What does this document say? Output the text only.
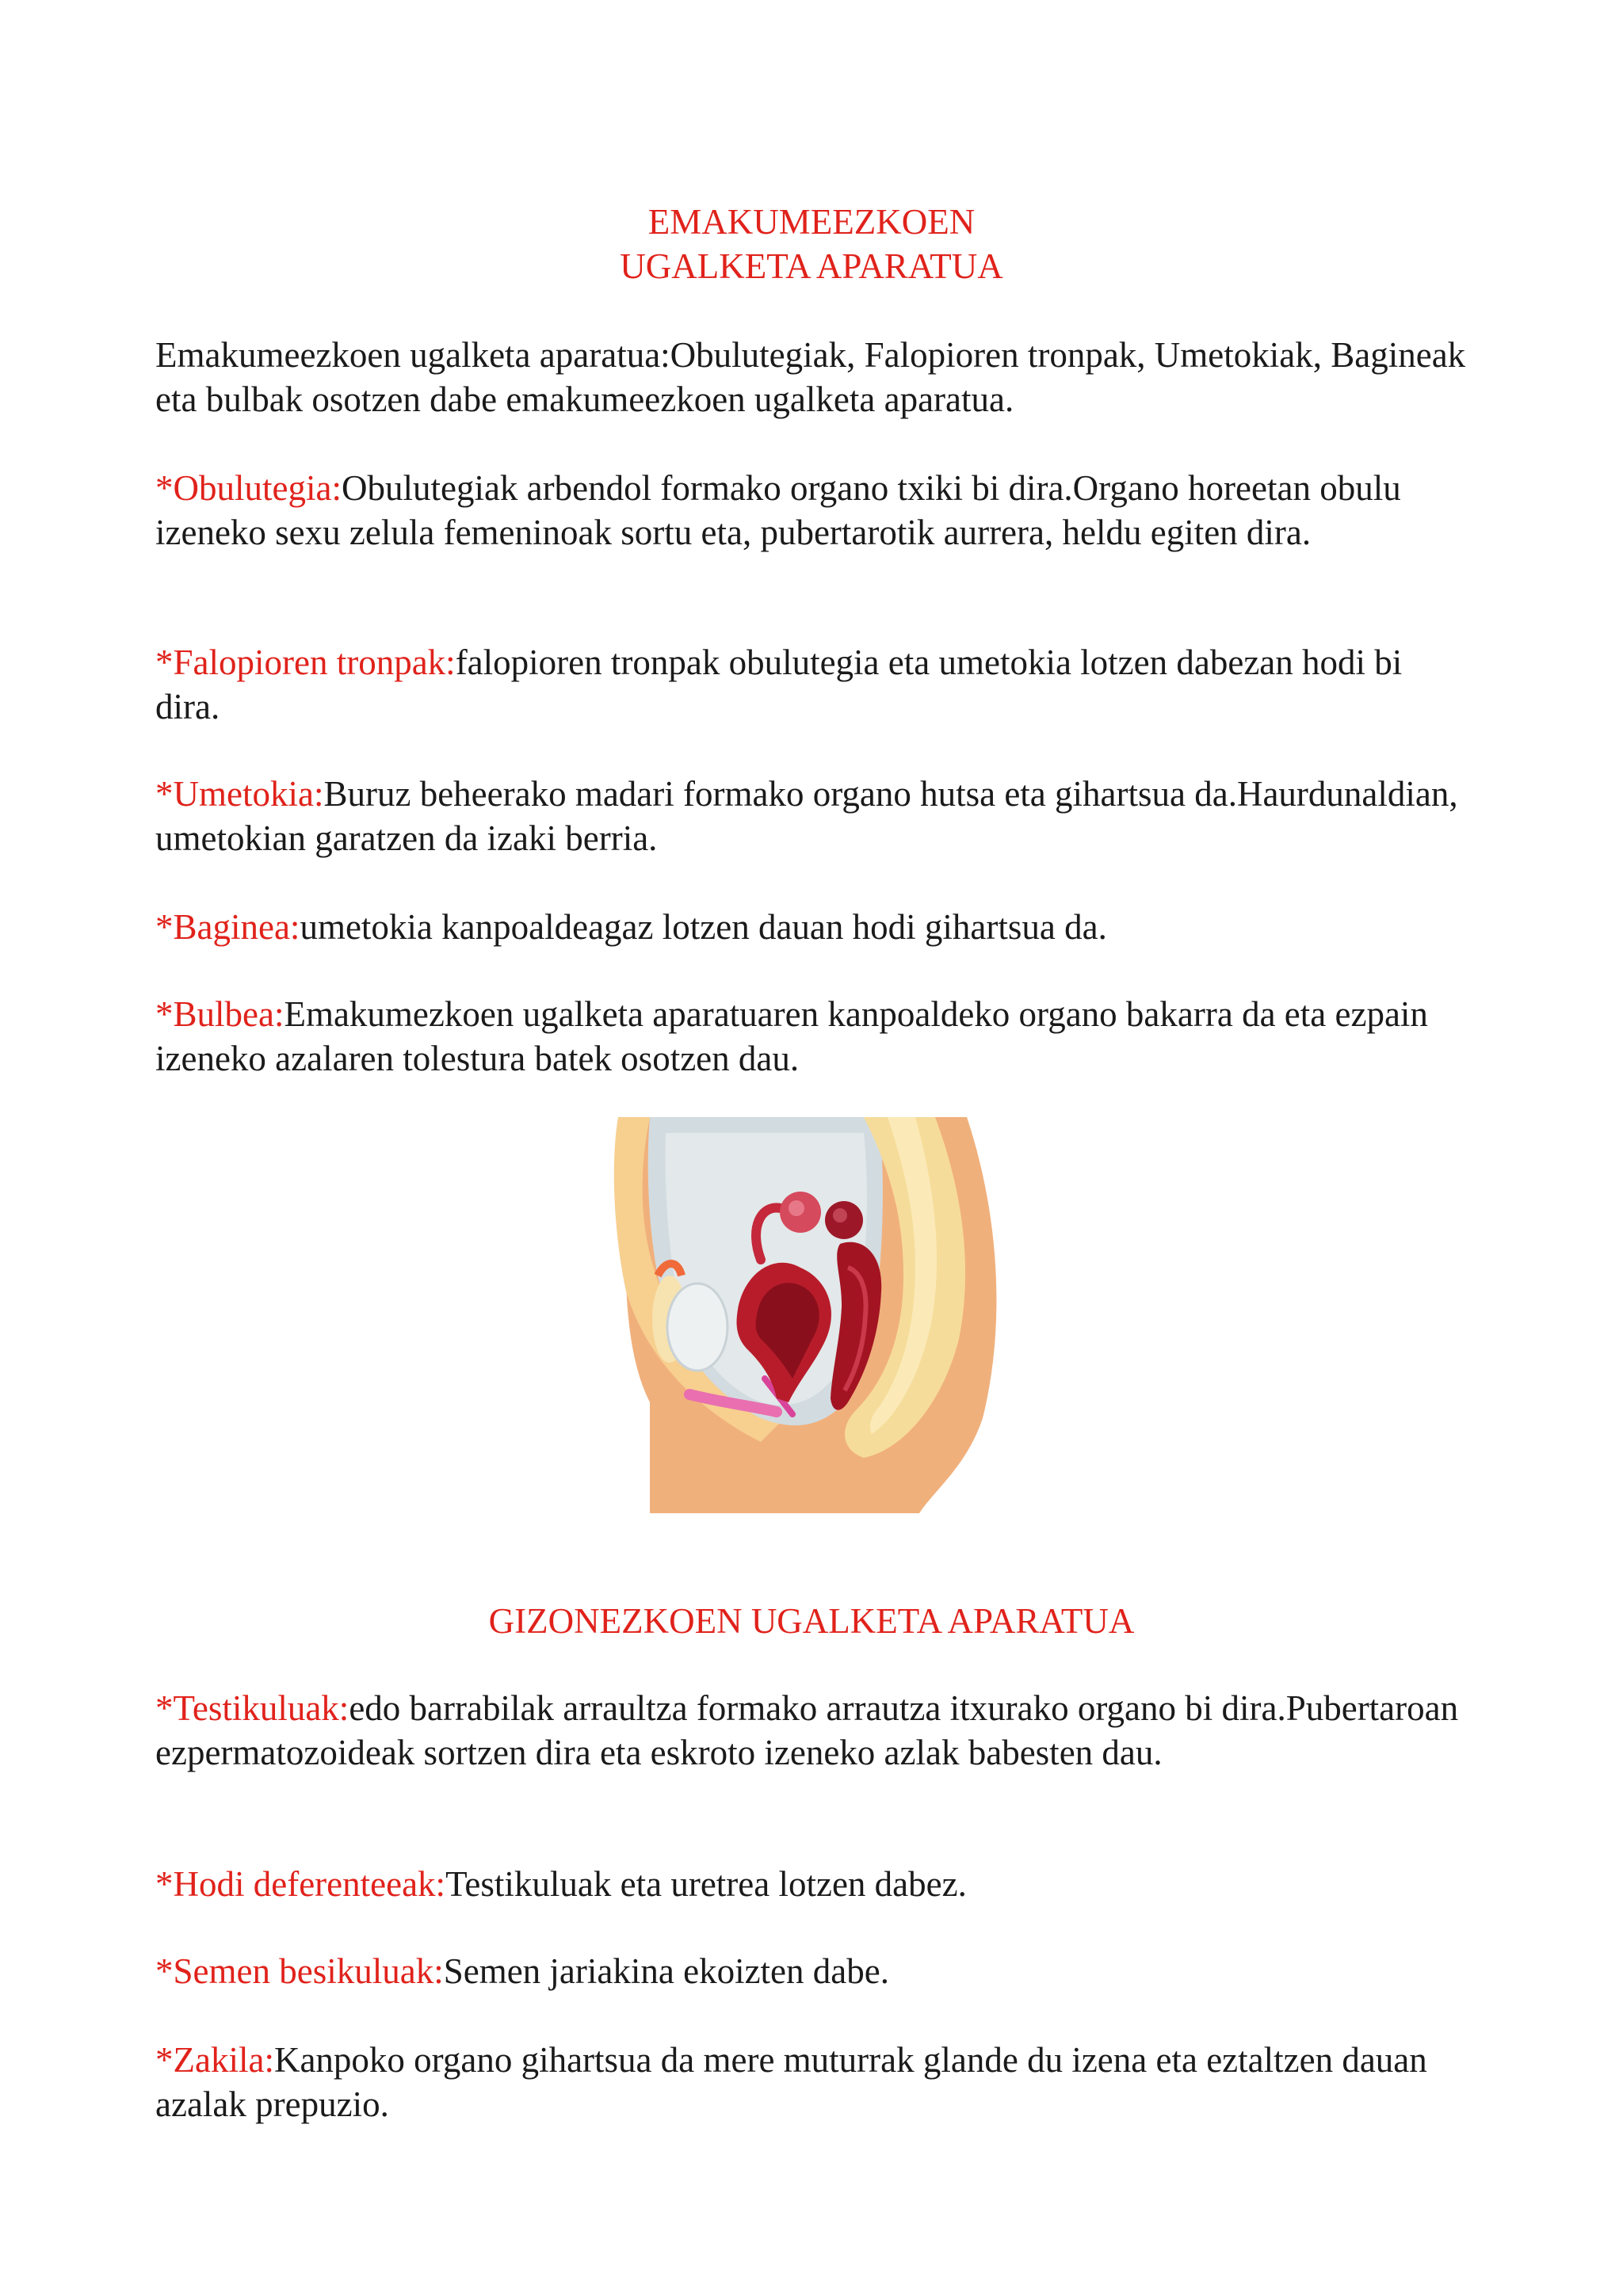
EMAKUMEEZKOEN
UGALKETA APARATUA

Emakumeezkoen ugalketa aparatua:Obulutegiak, Falopioren tronpak, Umetokiak, Bagineak eta bulbak osotzen dabe emakumeezkoen ugalketa aparatua.

*Obulutegia:Obulutegiak arbendol formako organo txiki bi dira.Organo horeetan obulu izeneko sexu zelula femeninoak sortu eta, pubertarotik aurrera, heldu egiten dira.

*Falopioren tronpak:falopioren tronpak obulutegia eta umetokia lotzen dabezan hodi bi dira.

*Umetokia:Buruz beheerako madari formako organo hutsa eta gihartsua da.Haurdunaldian, umetokian garatzen da izaki berria.

*Baginea:umetokia kanpoaldeagaz lotzen dauan hodi gihartsua da.

*Bulbea:Emakumezkoen ugalketa aparatuaren kanpoaldeko organo bakarra da eta ezpain izeneko azalaren tolestura batek osotzen dau.

GIZONEZKOEN UGALKETA APARATUA

*Testikuluak:edo barrabilak arraultza formako arrautza itxurako organo bi dira.Pubertaroan ezpermatozoideak sortzen dira eta eskroto izeneko azlak babesten dau.

*Hodi deferenteeak:Testikuluak eta uretrea lotzen dabez.

*Semen besikuluak:Semen jariakina ekoizten dabe.

*Zakila:Kanpoko organo gihartsua da mere muturrak glande du izena eta eztaltzen dauan azalak prepuzio.
